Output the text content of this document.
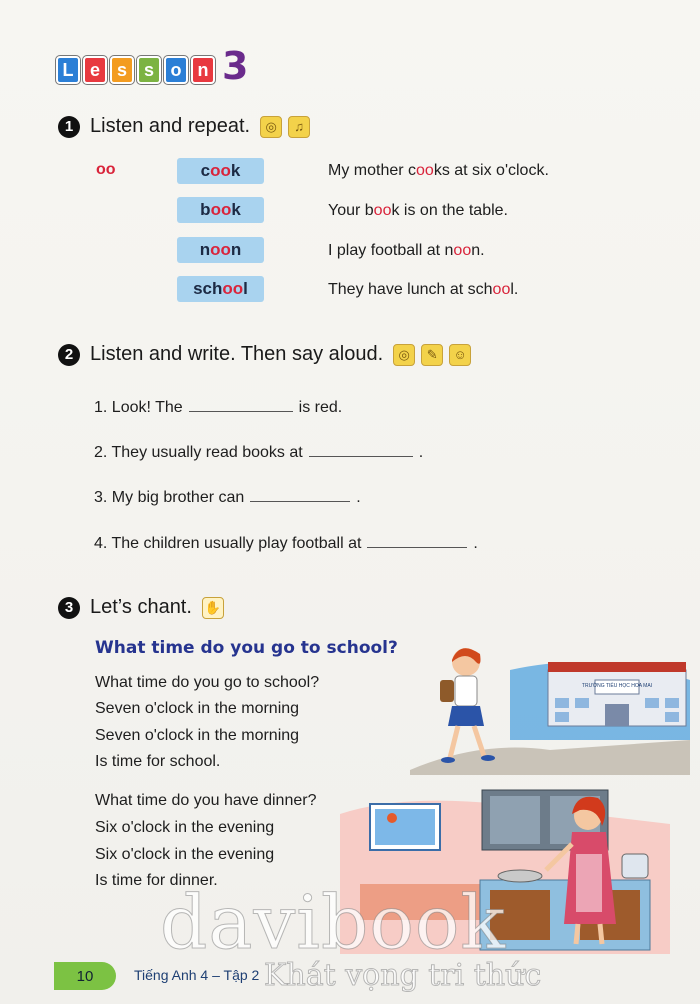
L e s s o n 3
1 Listen and repeat.	◎	♫
oo	cook	My mother cooks at six o'clock.
book	Your book is on the table.
noon	I play football at noon.
school	They have lunch at school.
2 Listen and write. Then say aloud.	◎	✎	☺
1. Look! The	is red.
2. They usually read books at	.
3. My big brother can	.
4. The children usually play football at	.
3 Let’s chant. ✋
What time do you go to school?
What time do you go to school?
Seven o'clock in the morning
Seven o'clock in the morning
Is time for school.
What time do you have dinner?
Six o'clock in the evening
Six o'clock in the evening
Is time for dinner.
TRƯỜNG TIỂU HỌC HOA MAI
davibook
Khát vọng tri thức
10	Tiếng Anh 4 – Tập 2
